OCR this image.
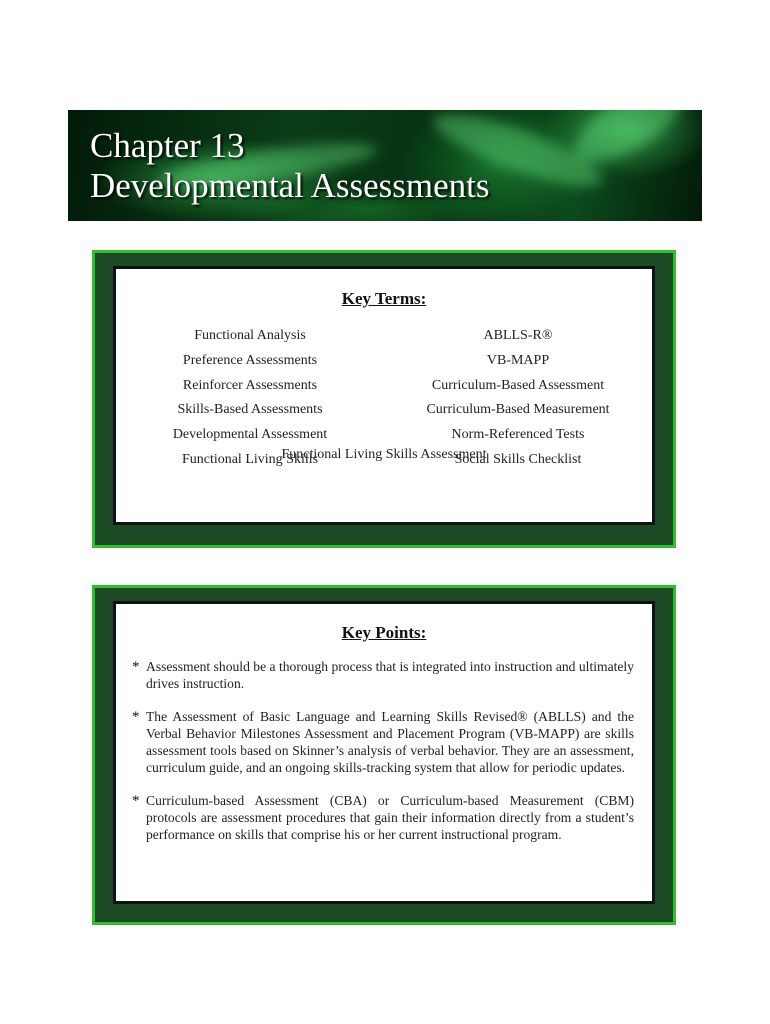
Chapter 13
Developmental Assessments
Key Terms:
Functional Analysis	ABLLS-R®
Preference Assessments	VB-MAPP
Reinforcer Assessments	Curriculum-Based Assessment
Skills-Based Assessments	Curriculum-Based Measurement
Developmental Assessment	Norm-Referenced Tests
Functional Living Skills	Social Skills Checklist
Functional Living Skills Assessment
Key Points:
* Assessment should be a thorough process that is integrated into instruction and ultimately drives instruction.
* The Assessment of Basic Language and Learning Skills Revised® (ABLLS) and the Verbal Behavior Milestones Assessment and Placement Program (VB-MAPP) are skills assessment tools based on Skinner’s analysis of verbal behavior. They are an assessment, curriculum guide, and an ongoing skills-tracking system that allow for periodic updates.
* Curriculum-based Assessment (CBA) or Curriculum-based Measurement (CBM) protocols are assessment procedures that gain their information directly from a student’s performance on skills that comprise his or her current instructional program.
